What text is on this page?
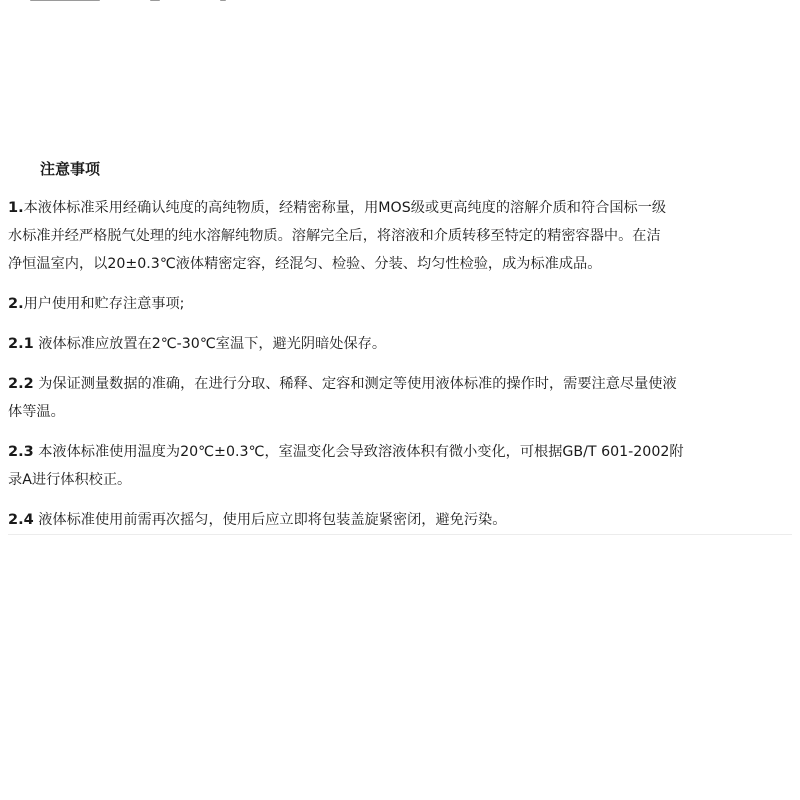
注意事项
1.本液体标准采用经确认纯度的高纯物质，经精密称量，用MOS级或更高纯度的溶解介质和符合国标一级
水标准并经严格脱气处理的纯水溶解纯物质。溶解完全后，将溶液和介质转移至特定的精密容器中。在洁
净恒温室内，以20±0.3℃液体精密定容，经混匀、检验、分装、均匀性检验，成为标准成品。
2.用户使用和贮存注意事项;
2.1 液体标准应放置在2℃-30℃室温下，避光阴暗处保存。
2.2 为保证测量数据的准确，在进行分取、稀释、定容和测定等使用液体标准的操作时，需要注意尽量使液
体等温。
2.3 本液体标准使用温度为20℃±0.3℃，室温变化会导致溶液体积有微小变化，可根据GB/T 601-2002附
录A进行体积校正。
2.4 液体标准使用前需再次摇匀，使用后应立即将包装盖旋紧密闭，避免污染。
